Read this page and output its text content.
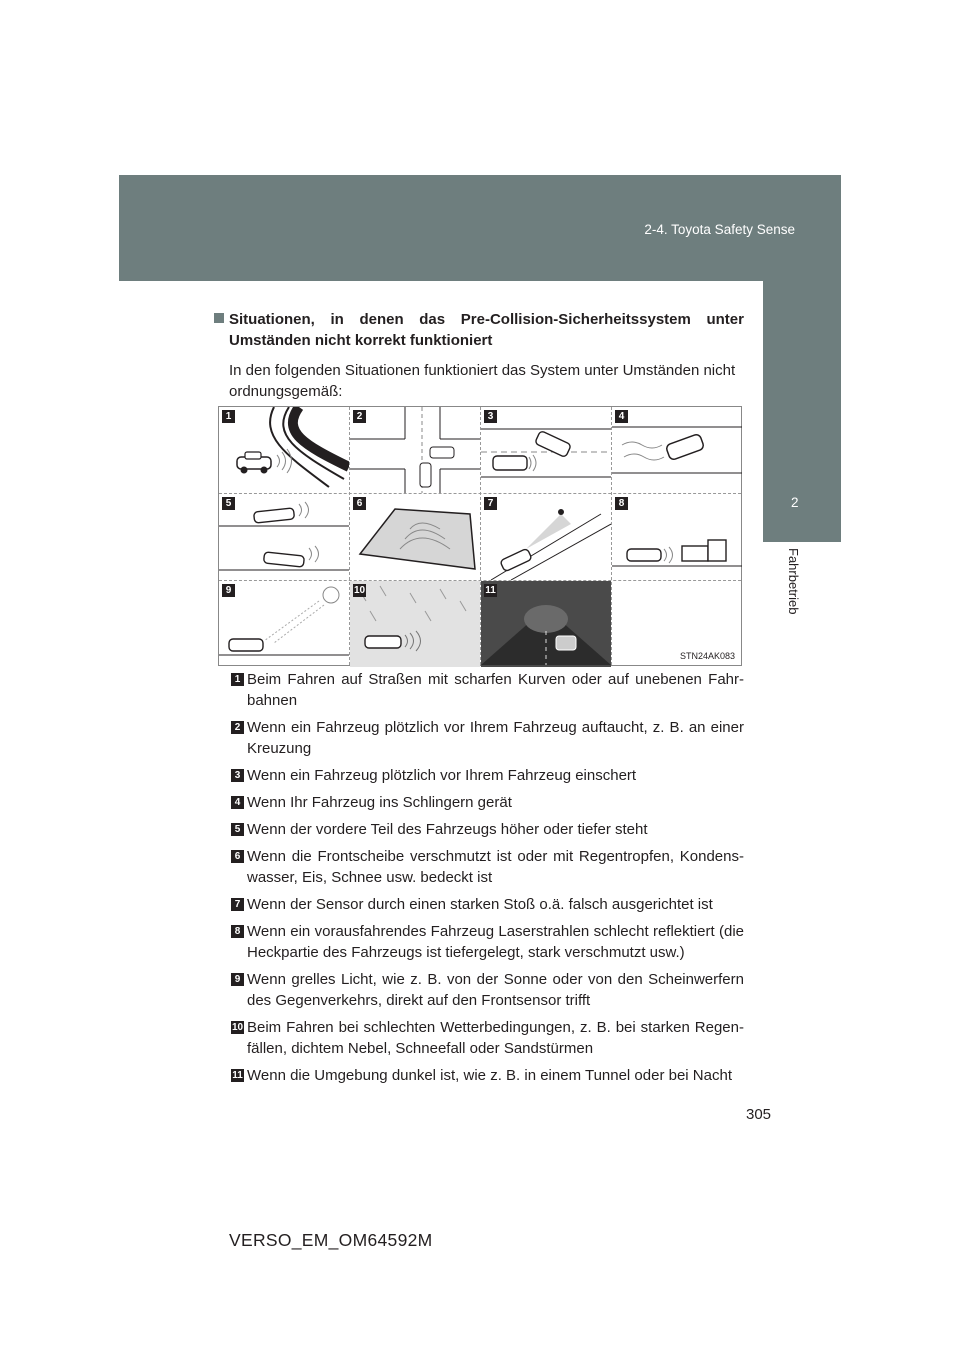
2-4. Toyota Safety Sense
2
Fahrbetrieb
Situationen, in denen das Pre-Collision-Sicherheitssystem unter Umständen nicht korrekt funktioniert
In den folgenden Situationen funktioniert das System unter Umständen nicht ordnungsgemäß:
1	2	3	4
5	6	7	8
9	10	11
STN24AK083
1 Beim Fahren auf Straßen mit scharfen Kurven oder auf unebenen Fahr-bahnen
2 Wenn ein Fahrzeug plötzlich vor Ihrem Fahrzeug auftaucht, z. B. an einer Kreuzung
3 Wenn ein Fahrzeug plötzlich vor Ihrem Fahrzeug einschert
4 Wenn Ihr Fahrzeug ins Schlingern gerät
5 Wenn der vordere Teil des Fahrzeugs höher oder tiefer steht
6 Wenn die Frontscheibe verschmutzt ist oder mit Regentropfen, Kondens-wasser, Eis, Schnee usw. bedeckt ist
7 Wenn der Sensor durch einen starken Stoß o.ä. falsch ausgerichtet ist
8 Wenn ein vorausfahrendes Fahrzeug Laserstrahlen schlecht reflektiert (die Heckpartie des Fahrzeugs ist tiefergelegt, stark verschmutzt usw.)
9 Wenn grelles Licht, wie z. B. von der Sonne oder von den Scheinwerfern des Gegenverkehrs, direkt auf den Frontsensor trifft
10 Beim Fahren bei schlechten Wetterbedingungen, z. B. bei starken Regen-fällen, dichtem Nebel, Schneefall oder Sandstürmen
11 Wenn die Umgebung dunkel ist, wie z. B. in einem Tunnel oder bei Nacht
305
VERSO_EM_OM64592M
